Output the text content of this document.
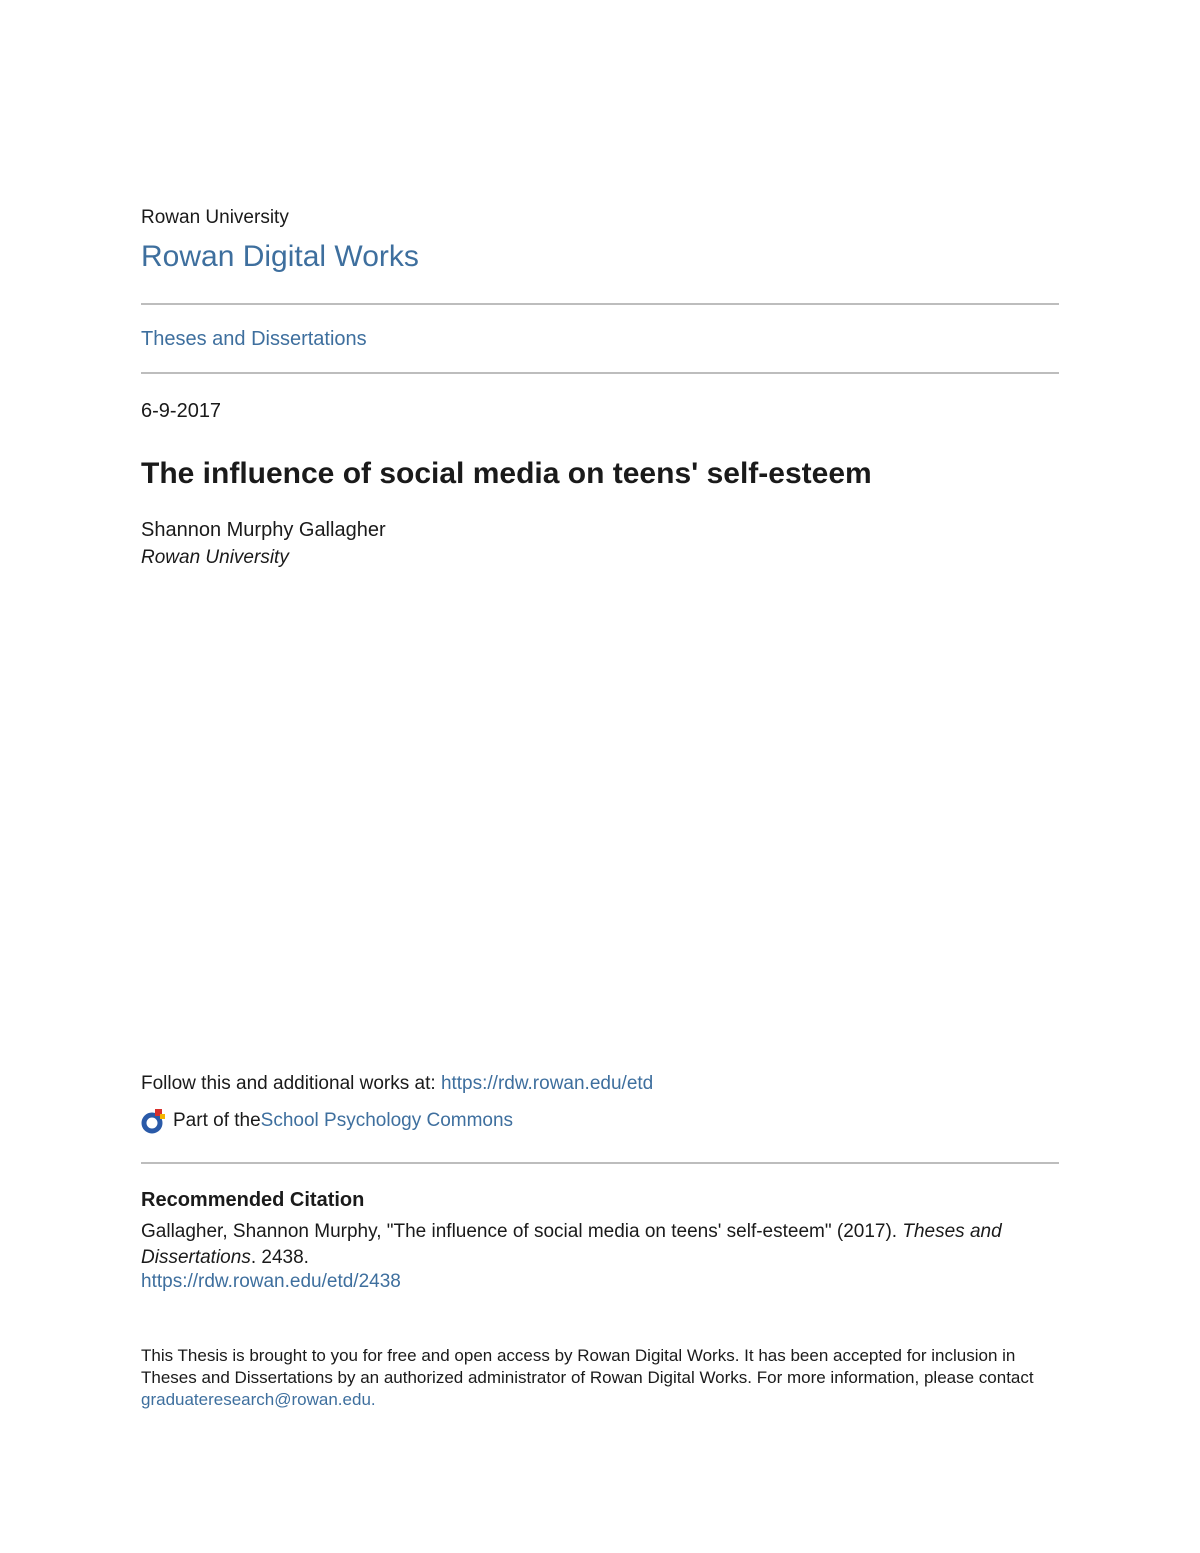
Rowan University
Rowan Digital Works
Theses and Dissertations
6-9-2017
The influence of social media on teens' self-esteem
Shannon Murphy Gallagher
Rowan University
Follow this and additional works at: https://rdw.rowan.edu/etd
Part of the School Psychology Commons
Recommended Citation
Gallagher, Shannon Murphy, "The influence of social media on teens' self-esteem" (2017). Theses and Dissertations. 2438.
https://rdw.rowan.edu/etd/2438
This Thesis is brought to you for free and open access by Rowan Digital Works. It has been accepted for inclusion in Theses and Dissertations by an authorized administrator of Rowan Digital Works. For more information, please contact graduateresearch@rowan.edu.
